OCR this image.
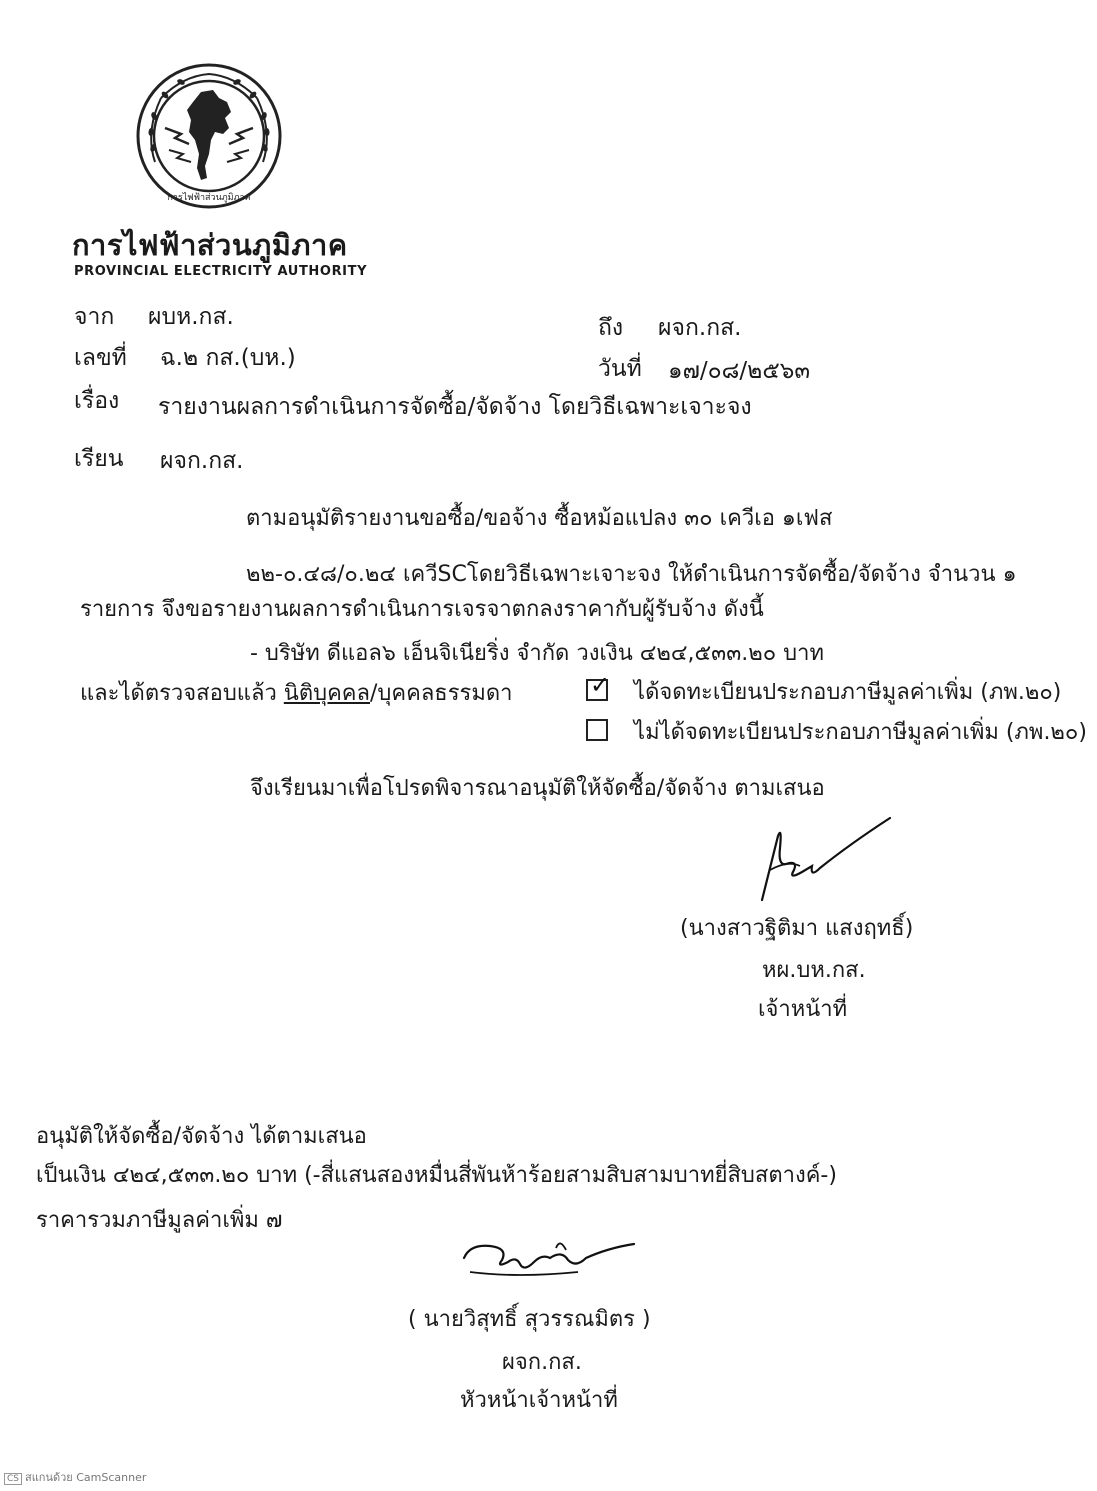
การไฟฟ้าส่วนภูมิภาค
การไฟฟ้าส่วนภูมิภาค
PROVINCIAL ELECTRICITY AUTHORITY
จาก ผบห.กส.	ถึง ผจก.กส.
เลขที่ ฉ.๒ กส.(บห.)	วันที่ ๑๗/๐๘/๒๕๖๓
เรื่อง รายงานผลการดำเนินการจัดซื้อ/จัดจ้าง โดยวิธีเฉพาะเจาะจง
เรียน ผจก.กส.
ตามอนุมัติรายงานขอซื้อ/ขอจ้าง ซื้อหม้อแปลง ๓๐ เควีเอ ๑เฟส
๒๒-๐.๔๘/๐.๒๔ เควีSCโดยวิธีเฉพาะเจาะจง ให้ดำเนินการจัดซื้อ/จัดจ้าง จำนวน ๑
รายการ จึงขอรายงานผลการดำเนินการเจรจาตกลงราคากับผู้รับจ้าง ดังนี้
- บริษัท ดีแอล๖ เอ็นจิเนียริ่ง จำกัด วงเงิน ๔๒๔,๕๓๓.๒๐ บาท
และได้ตรวจสอบแล้ว นิติบุคคล/บุคคลธรรมดา	✓ ได้จดทะเบียนประกอบภาษีมูลค่าเพิ่ม (ภพ.๒๐)
ไม่ได้จดทะเบียนประกอบภาษีมูลค่าเพิ่ม (ภพ.๒๐)
จึงเรียนมาเพื่อโปรดพิจารณาอนุมัติให้จัดซื้อ/จัดจ้าง ตามเสนอ
(นางสาวฐิติมา แสงฤทธิ์)
หผ.บห.กส.
เจ้าหน้าที่
อนุมัติให้จัดซื้อ/จัดจ้าง ได้ตามเสนอ
เป็นเงิน ๔๒๔,๕๓๓.๒๐ บาท (-สี่แสนสองหมื่นสี่พันห้าร้อยสามสิบสามบาทยี่สิบสตางค์-)
ราคารวมภาษีมูลค่าเพิ่ม ๗
( นายวิสุทธิ์ สุวรรณมิตร )
ผจก.กส.
หัวหน้าเจ้าหน้าที่
CS สแกนด้วย CamScanner
